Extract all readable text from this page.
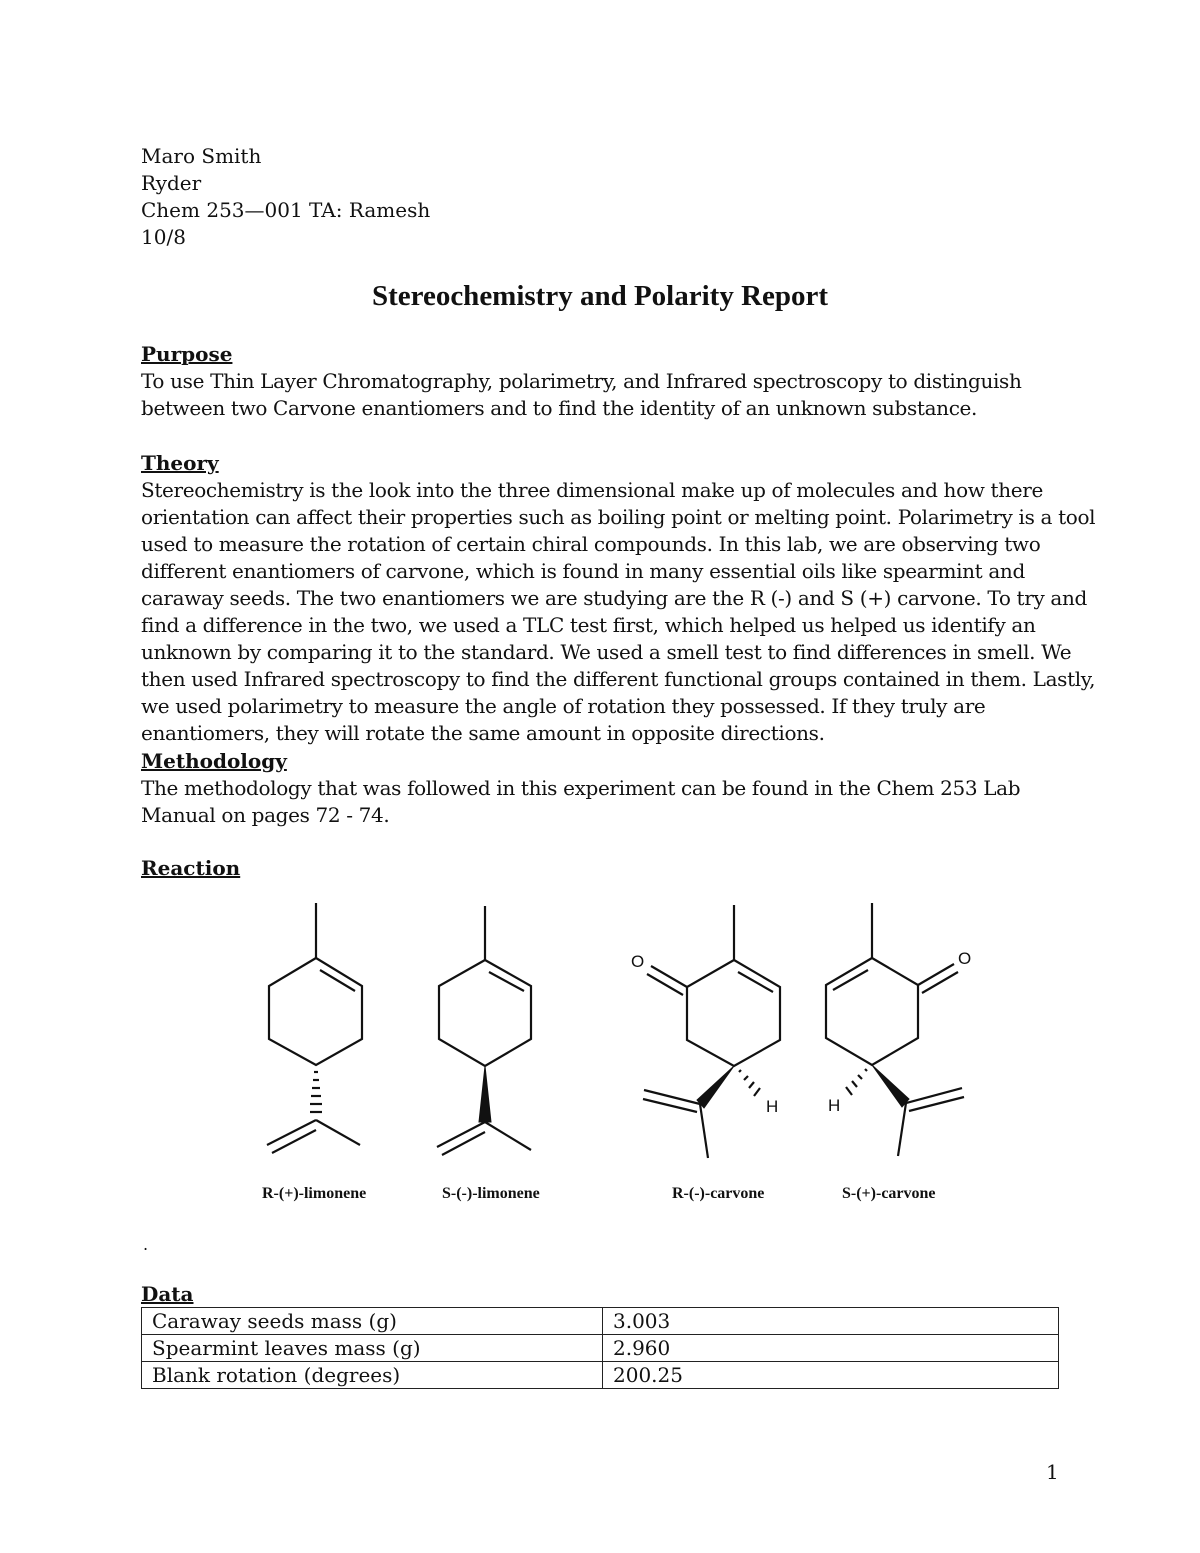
Maro Smith
Ryder
Chem 253—001 TA: Ramesh
10/8
Stereochemistry and Polarity Report
Purpose

To use Thin Layer Chromatography, polarimetry, and Infrared spectroscopy to distinguish

between two Carvone enantiomers and to find the identity of an unknown substance.

Theory

Stereochemistry is the look into the three dimensional make up of molecules and how there

orientation can affect their properties such as boiling point or melting point. Polarimetry is a tool

used to measure the rotation of certain chiral compounds. In this lab, we are observing two

different enantiomers of carvone, which is found in many essential oils like spearmint and

caraway seeds. The two enantiomers we are studying are the R (-) and S (+) carvone. To try and

find a difference in the two, we used a TLC test first, which helped us helped us identify an

unknown by comparing it to the standard. We used a smell test to find differences in smell. We

then used Infrared spectroscopy to find the different functional groups contained in them. Lastly,

we used polarimetry to measure the angle of rotation they possessed. If they truly are

enantiomers, they will rotate the same amount in opposite directions.

Methodology

The methodology that was followed in this experiment can be found in the Chem 253 Lab

Manual on pages 72 - 74.

Reaction
O
H
O
H
R-(+)-limonene	S-(-)-limonene	R-(-)-carvone	S-(+)-carvone
.
Data
Caraway seeds mass (g)	3.003
Spearmint leaves mass (g)	2.960
Blank rotation (degrees)	200.25
1
